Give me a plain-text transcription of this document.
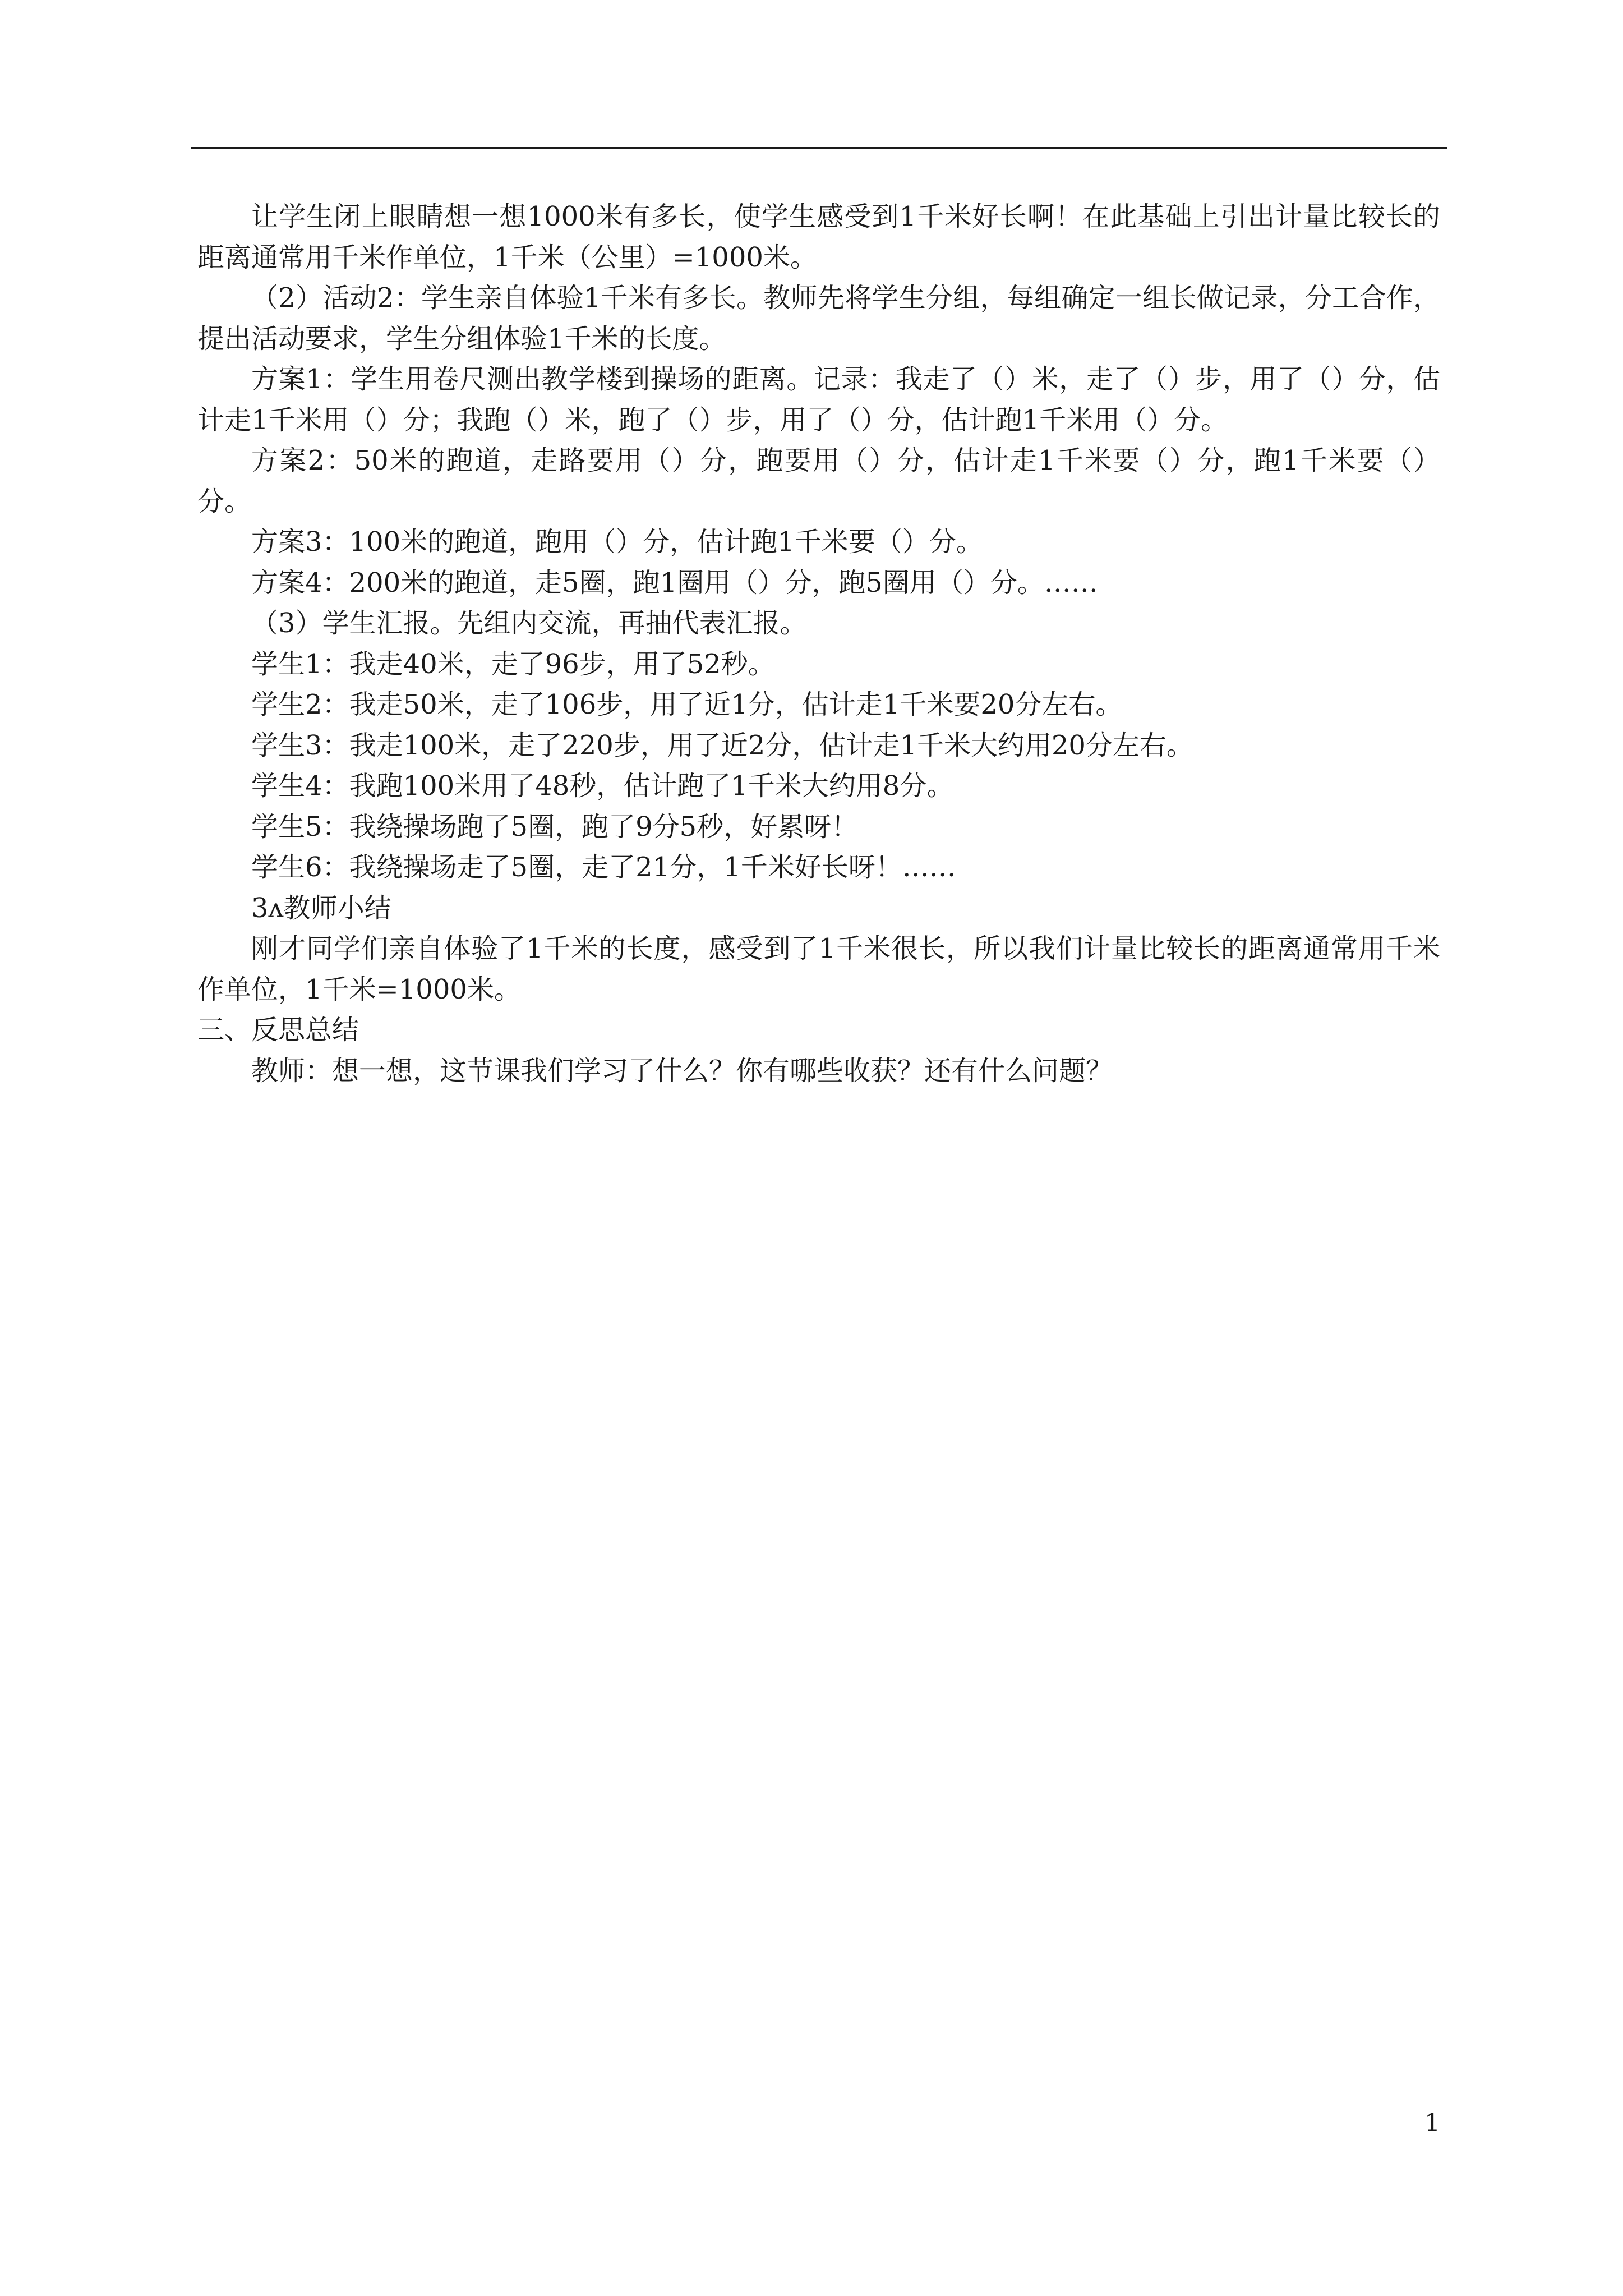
让学生闭上眼睛想一想1000米有多长，使学生感受到1千米好长啊！在此基础上引出计量比较长的距离通常用千米作单位，1千米（公里）=1000米。

（2）活动2：学生亲自体验1千米有多长。教师先将学生分组，每组确定一组长做记录，分工合作，提出活动要求，学生分组体验1千米的长度。

方案1：学生用卷尺测出教学楼到操场的距离。记录：我走了（）米，走了（）步，用了（）分，估计走1千米用（）分；我跑（）米，跑了（）步，用了（）分，估计跑1千米用（）分。

方案2：50米的跑道，走路要用（）分，跑要用（）分，估计走1千米要（）分，跑1千米要（）分。

方案3：100米的跑道，跑用（）分，估计跑1千米要（）分。

方案4：200米的跑道，走5圈，跑1圈用（）分，跑5圈用（）分。……

（3）学生汇报。先组内交流，再抽代表汇报。

学生1：我走40米，走了96步，用了52秒。

学生2：我走50米，走了106步，用了近1分，估计走1千米要20分左右。

学生3：我走100米，走了220步，用了近2分，估计走1千米大约用20分左右。

学生4：我跑100米用了48秒，估计跑了1千米大约用8分。

学生5：我绕操场跑了5圈，跑了9分5秒，好累呀！

学生6：我绕操场走了5圈，走了21分，1千米好长呀！……

3ʌ教师小结

刚才同学们亲自体验了1千米的长度，感受到了1千米很长，所以我们计量比较长的距离通常用千米作单位，1千米=1000米。

三、反思总结

教师：想一想，这节课我们学习了什么？你有哪些收获？还有什么问题？

1
